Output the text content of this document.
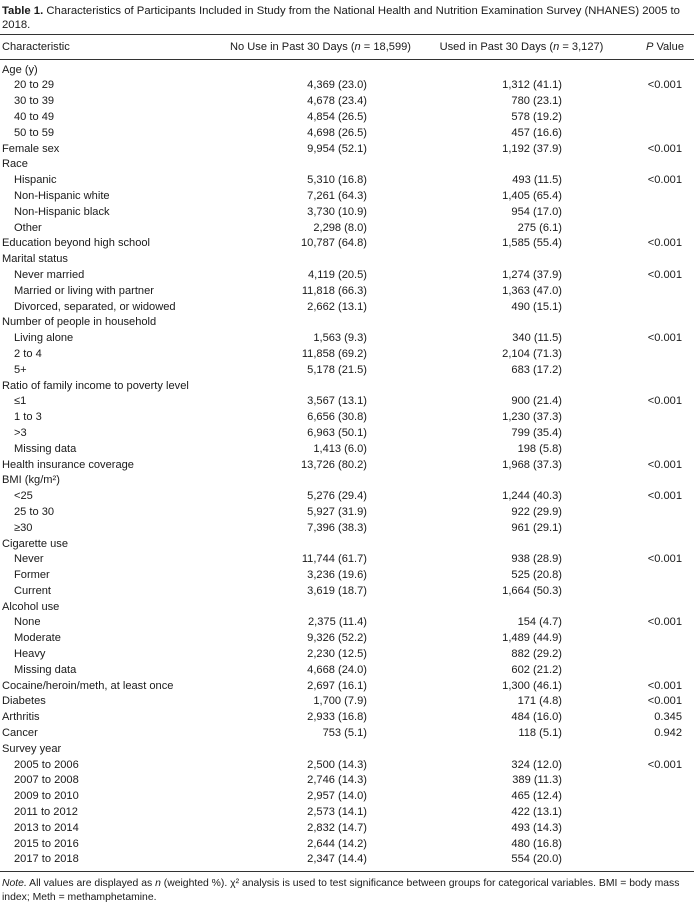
Table 1. Characteristics of Participants Included in Study from the National Health and Nutrition Examination Survey (NHANES) 2005 to 2018.

Characteristic	No Use in Past 30 Days (n = 18,599)	Used in Past 30 Days (n = 3,127)	P Value
Age (y)			
20 to 29	4,369 (23.0)	1,312 (41.1)	<0.001
30 to 39	4,678 (23.4)	780 (23.1)	
40 to 49	4,854 (26.5)	578 (19.2)	
50 to 59	4,698 (26.5)	457 (16.6)	
Female sex	9,954 (52.1)	1,192 (37.9)	<0.001
Race			
Hispanic	5,310 (16.8)	493 (11.5)	<0.001
Non-Hispanic white	7,261 (64.3)	1,405 (65.4)	
Non-Hispanic black	3,730 (10.9)	954 (17.0)	
Other	2,298 (8.0)	275 (6.1)	
Education beyond high school	10,787 (64.8)	1,585 (55.4)	<0.001
Marital status			
Never married	4,119 (20.5)	1,274 (37.9)	<0.001
Married or living with partner	11,818 (66.3)	1,363 (47.0)	
Divorced, separated, or widowed	2,662 (13.1)	490 (15.1)	
Number of people in household			
Living alone	1,563 (9.3)	340 (11.5)	<0.001
2 to 4	11,858 (69.2)	2,104 (71.3)	
5+	5,178 (21.5)	683 (17.2)	
Ratio of family income to poverty level			
≤1	3,567 (13.1)	900 (21.4)	<0.001
1 to 3	6,656 (30.8)	1,230 (37.3)	
>3	6,963 (50.1)	799 (35.4)	
Missing data	1,413 (6.0)	198 (5.8)	
Health insurance coverage	13,726 (80.2)	1,968 (37.3)	<0.001
BMI (kg/m²)			
<25	5,276 (29.4)	1,244 (40.3)	<0.001
25 to 30	5,927 (31.9)	922 (29.9)	
≥30	7,396 (38.3)	961 (29.1)	
Cigarette use			
Never	11,744 (61.7)	938 (28.9)	<0.001
Former	3,236 (19.6)	525 (20.8)	
Current	3,619 (18.7)	1,664 (50.3)	
Alcohol use			
None	2,375 (11.4)	154 (4.7)	<0.001
Moderate	9,326 (52.2)	1,489 (44.9)	
Heavy	2,230 (12.5)	882 (29.2)	
Missing data	4,668 (24.0)	602 (21.2)	
Cocaine/heroin/meth, at least once	2,697 (16.1)	1,300 (46.1)	<0.001
Diabetes	1,700 (7.9)	171 (4.8)	<0.001
Arthritis	2,933 (16.8)	484 (16.0)	0.345
Cancer	753 (5.1)	118 (5.1)	0.942
Survey year			
2005 to 2006	2,500 (14.3)	324 (12.0)	<0.001
2007 to 2008	2,746 (14.3)	389 (11.3)	
2009 to 2010	2,957 (14.0)	465 (12.4)	
2011 to 2012	2,573 (14.1)	422 (13.1)	
2013 to 2014	2,832 (14.7)	493 (14.3)	
2015 to 2016	2,644 (14.2)	480 (16.8)	
2017 to 2018	2,347 (14.4)	554 (20.0)	

Note. All values are displayed as n (weighted %). χ² analysis is used to test significance between groups for categorical variables. BMI = body mass index; Meth = methamphetamine.
